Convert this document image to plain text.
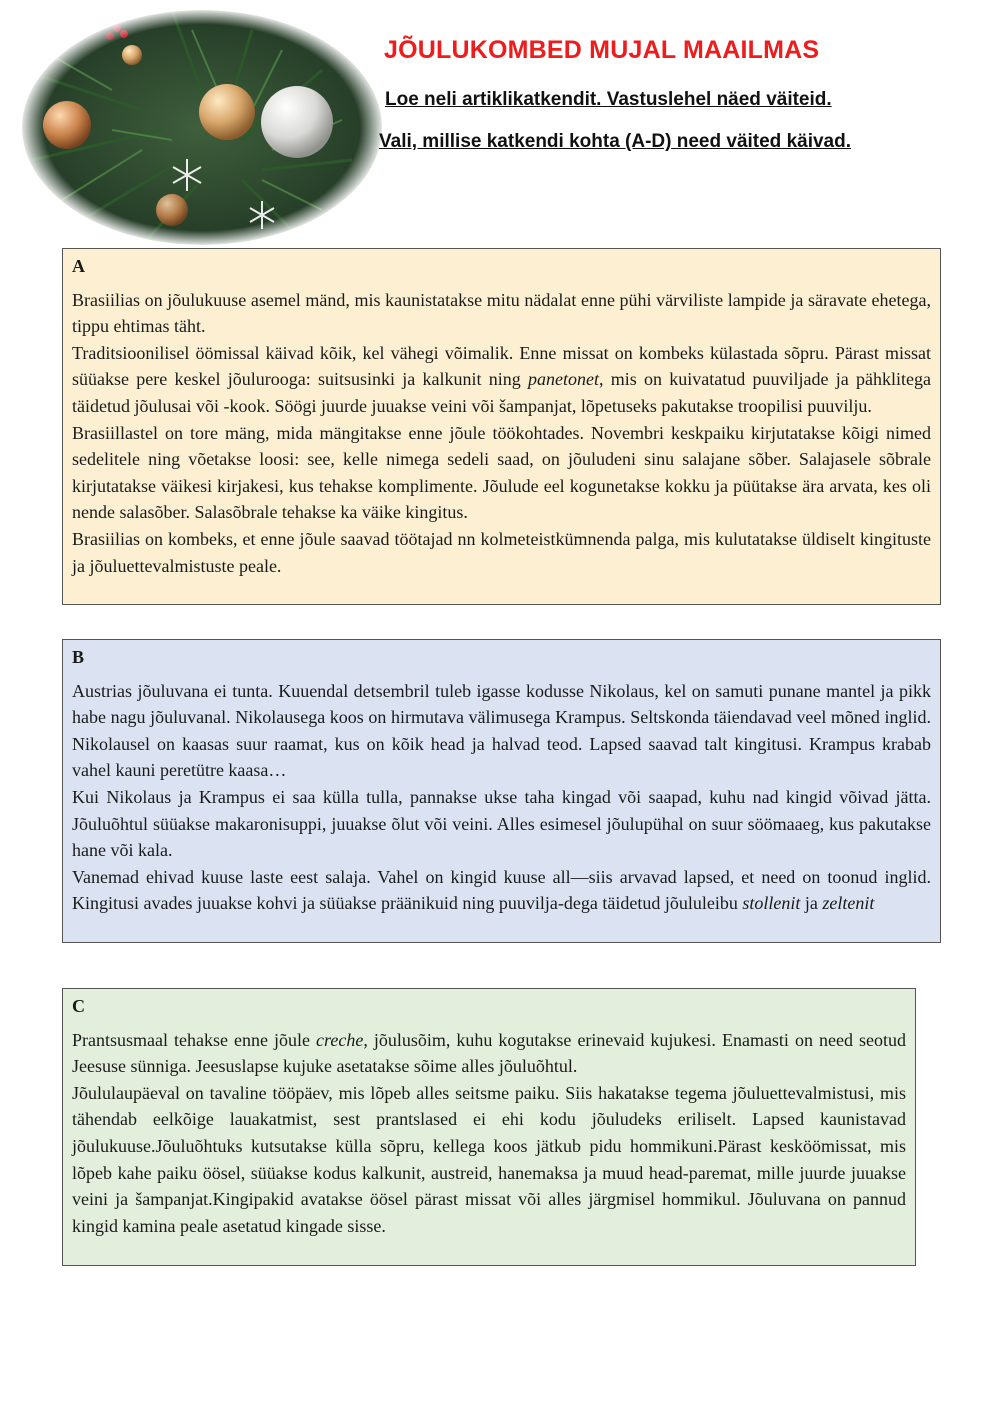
JÕULUKOMBED MUJAL MAAILMAS

Loe neli artiklikatkendit. Vastuslehel näed väiteid.

Vali, millise katkendi kohta (A-D) need väited käivad.

A

Brasiilias on jõulukuuse asemel mänd, mis kaunistatakse mitu nädalat enne pühi värviliste lampide ja säravate ehetega, tippu ehtimas täht.

Traditsioonilisel öömissal käivad kõik, kel vähegi võimalik. Enne missat on kombeks külastada sõpru. Pärast missat süüakse pere keskel jõulurooga: suitsusinki ja kalkunit ning panetonet, mis on kuivatatud puuviljade ja pähklitega täidetud jõulusai või -kook. Söögi juurde juuakse veini või šampanjat, lõpetuseks pakutakse troopilisi puuvilju.

Brasiillastel on tore mäng, mida mängitakse enne jõule töökohtades. Novembri keskpaiku kirjutatakse kõigi nimed sedelitele ning võetakse loosi: see, kelle nimega sedeli saad, on jõuludeni sinu salajane sõber. Salajasele sõbrale kirjutatakse väikesi kirjakesi, kus tehakse komplimente. Jõulude eel kogunetakse kokku ja püütakse ära arvata, kes oli nende salasõber. Salasõbrale tehakse ka väike kingitus.

Brasiilias on kombeks, et enne jõule saavad töötajad nn kolmeteistkümnenda palga, mis kulutatakse üldiselt kingituste ja jõuluettevalmistuste peale.

B

Austrias jõuluvana ei tunta. Kuuendal detsembril tuleb igasse kodusse Nikolaus, kel on samuti punane mantel ja pikk habe nagu jõuluvanal. Nikolausega koos on hirmutava välimusega Krampus. Seltskonda täiendavad veel mõned inglid. Nikolausel on kaasas suur raamat, kus on kõik head ja halvad teod. Lapsed saavad talt kingitusi. Krampus krabab vahel kauni peretütre kaasa…

Kui Nikolaus ja Krampus ei saa külla tulla, pannakse ukse taha kingad või saapad, kuhu nad kingid võivad jätta. Jõuluõhtul süüakse makaronisuppi, juuakse õlut või veini. Alles esimesel jõulupühal on suur söömaaeg, kus pakutakse hane või kala.

Vanemad ehivad kuuse laste eest salaja. Vahel on kingid kuuse all—siis arvavad lapsed, et need on toonud inglid. Kingitusi avades juuakse kohvi ja süüakse präänikuid ning puuvilja-dega täidetud jõululeibu stollenit ja zeltenit

C

Prantsusmaal tehakse enne jõule creche, jõulusõim, kuhu kogutakse erinevaid kujukesi. Enamasti on need seotud Jeesuse sünniga. Jeesuslapse kujuke asetatakse sõime alles jõuluõhtul.

Jõululaupäeval on tavaline tööpäev, mis lõpeb alles seitsme paiku. Siis hakatakse tegema jõuluettevalmistusi, mis tähendab eelkõige lauakatmist, sest prantslased ei ehi kodu jõuludeks eriliselt. Lapsed kaunistavad jõulukuuse.Jõuluõhtuks kutsutakse külla sõpru, kellega koos jätkub pidu hommikuni.Pärast kesköömissat, mis lõpeb kahe paiku öösel, süüakse kodus kalkunit, austreid, hanemaksa ja muud head-paremat, mille juurde juuakse veini ja šampanjat.Kingipakid avatakse öösel pärast missat või alles järgmisel hommikul. Jõuluvana on pannud kingid kamina peale asetatud kingade sisse.
